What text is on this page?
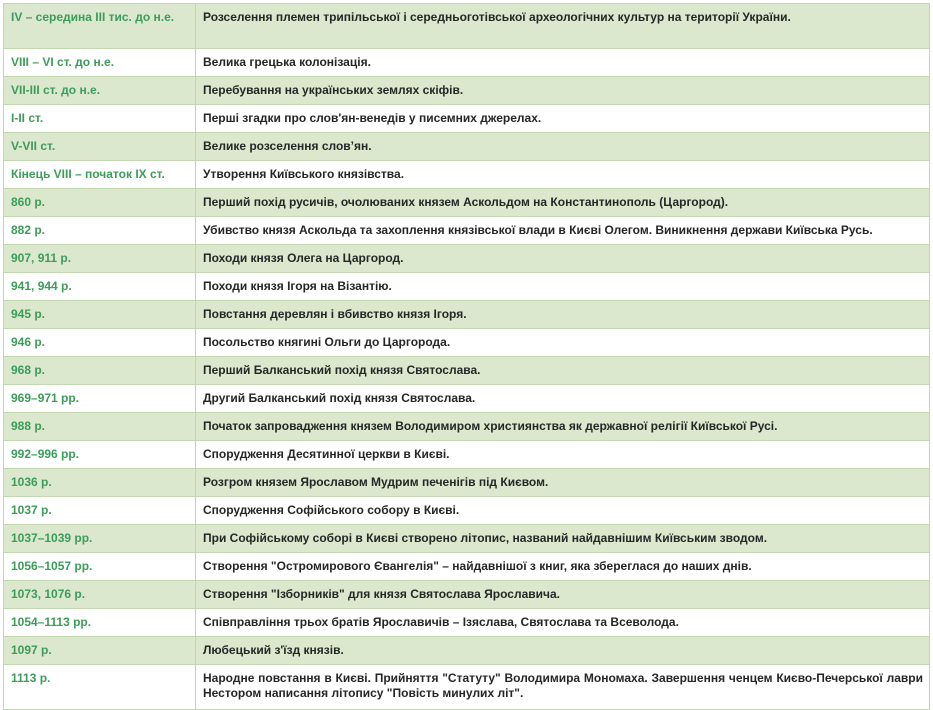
IV – середина III тис. до н.е.	Розселення племен трипільської і середньоготівської археологічних культур на території України.
VIII – VI ст. до н.е.	Велика грецька колонізація.
VII-III ст. до н.е.	Перебування на українських землях скіфів.
I-II ст.	Перші згадки про слов'ян-венедів у писемних джерелах.
V-VII ст.	Велике розселення слов’ян.
Кінець VIII – початок IX ст.	Утворення Київського князівства.
860 р.	Перший похід русичів, очолюваних князем Аскольдом на Константинополь (Царгород).
882 р.	Убивство князя Аскольда та захоплення князівської влади в Києві Олегом. Виникнення держави Київська Русь.
907, 911 р.	Походи князя Олега на Царгород.
941, 944 р.	Походи князя Ігоря на Візантію.
945 р.	Повстання деревлян і вбивство князя Ігоря.
946 р.	Посольство княгині Ольги до Царгорода.
968 р.	Перший Балканський похід князя Святослава.
969–971 рр.	Другий Балканський похід князя Святослава.
988 р.	Початок запровадження князем Володимиром християнства як державної релігії Київської Русі.
992–996 рр.	Спорудження Десятинної церкви в Києві.
1036 р.	Розгром князем Ярославом Мудрим печенігів під Києвом.
1037 р.	Спорудження Софійського собору в Києві.
1037–1039 рр.	При Софійському соборі в Києві створено літопис, названий найдавнішим Київським зводом.
1056–1057 рр.	Створення "Остромирового Євангелія" – найдавнішої з книг, яка збереглася до наших днів.
1073, 1076 р.	Створення "Ізборників" для князя Святослава Ярославича.
1054–1113 рр.	Співправління трьох братів Ярославичів – Ізяслава, Святослава та Всеволода.
1097 р.	Любецький з'їзд князів.
1113 р.	Народне повстання в Києві. Прийняття "Статуту" Володимира Мономаха. Завершення ченцем Києво-Печерської лаври Нестором написання літопису "Повість минулих літ".
